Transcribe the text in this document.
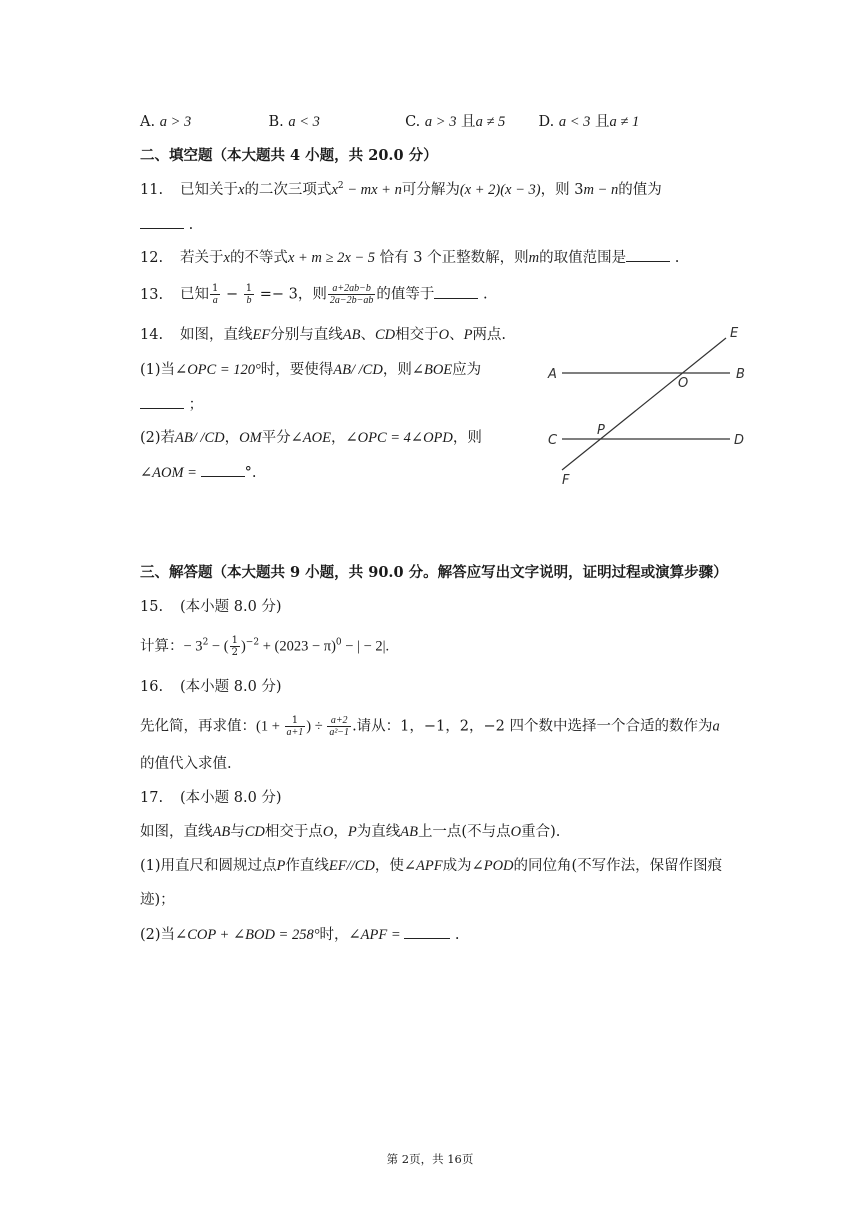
A. a > 3	B. a < 3	C. a > 3 且a ≠ 5 D. a < 3 且a ≠ 1
二、填空题（本大题共 4 小题，共 20.0 分）
11. 已知关于x的二次三项式$x^2$ − mx + n可分解为(x + 2)(x − 3)，则 3m − n的值为
.
12. 若关于x的不等式x + m ≥ 2x − 5 恰有 3 个正整数解，则m的取值范围是	.
13. 已知 $\frac{1}{a} - \frac{1}{b} =- 3$，则 $\frac{a+2ab-b}{2a-2b-ab}$ 的值等于	.
14. 如图，直线EF分别与直线AB、CD相交于O、P两点.
(1)当∠OPC = 120°时，要使得AB/ /CD，则∠BOE应为
；
(2)若AB/ /CD，OM平分∠AOE，∠OPC = 4∠OPD，则
∠AOM =	°.
E
A
O
B
C
P
D
F
三、解答题（本大题共 9 小题，共 90.0 分。解答应写出文字说明，证明过程或演算步骤）
15. (本小题 8.0 分)
计算：− $3^2$ − ( $\frac{1}{2} )^{-2} + (2023 - \pi)^0$ − | − 2|.
16. (本小题 8.0 分)
先化简，再求值：($1 + \frac{1}{a+1}$ ) ÷ $\frac{a+2}{\text{a²−1}}$ .请从：1，−1，2，−2 四个数中选择一个合适的数作为a
的值代入求值.
17. (本小题 8.0 分)
如图，直线AB与CD相交于点O，P为直线AB上一点(不与点O重合).
(1)用直尺和圆规过点P作直线EF//CD，使∠APF成为∠POD的同位角(不写作法，保留作图痕
迹)；
(2)当∠COP + ∠BOD = 258°时，∠APF =	.
第 2页，共 16页
